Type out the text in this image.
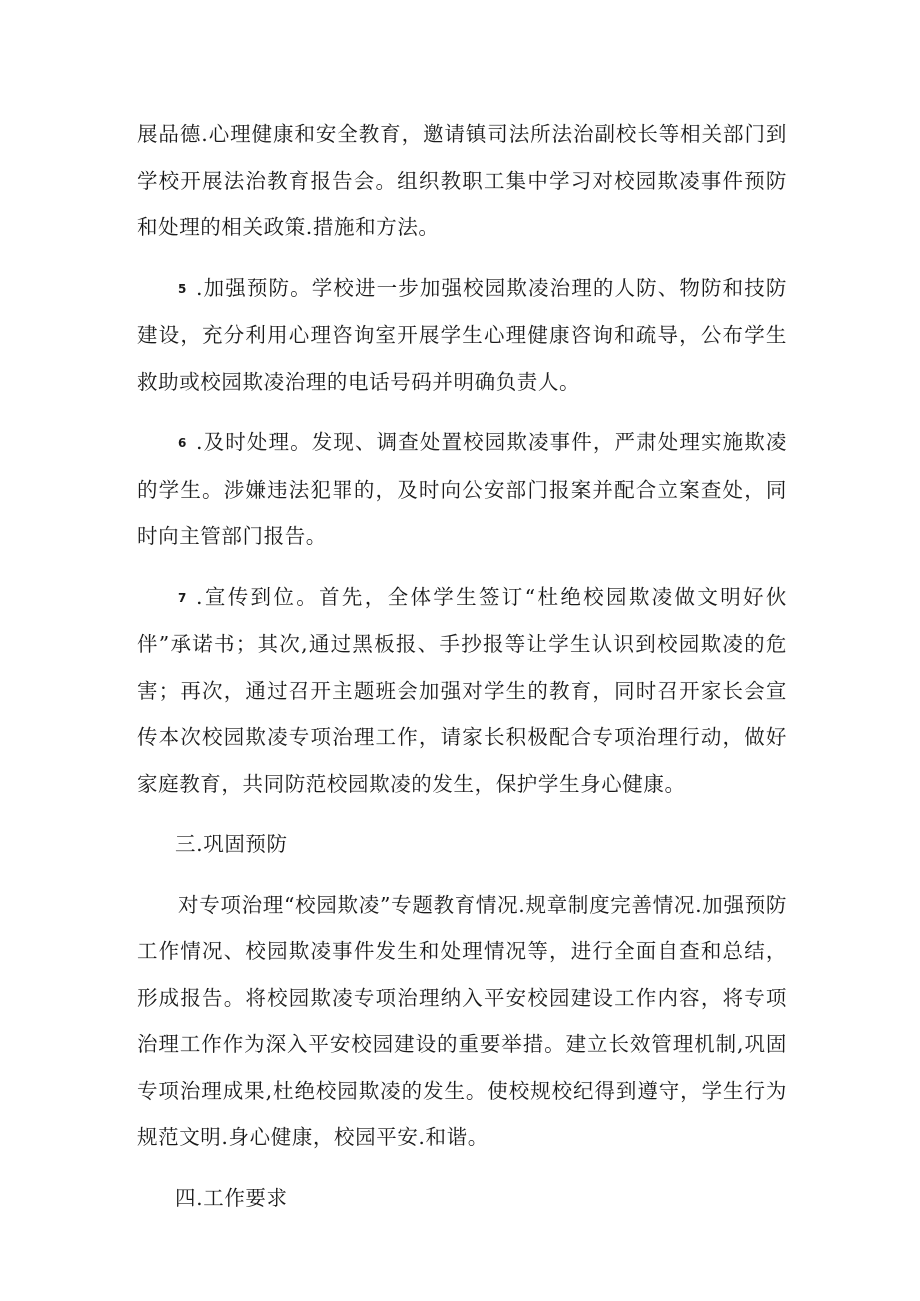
展品德.心理健康和安全教育，邀请镇司法所法治副校长等相关部门到学校开展法治教育报告会。组织教职工集中学习对校园欺凌事件预防和处理的相关政策.措施和方法。

5 .加强预防。学校进一步加强校园欺凌治理的人防、物防和技防建设，充分利用心理咨询室开展学生心理健康咨询和疏导，公布学生救助或校园欺凌治理的电话号码并明确负责人。

6 .及时处理。发现、调查处置校园欺凌事件，严肃处理实施欺凌的学生。涉嫌违法犯罪的，及时向公安部门报案并配合立案查处，同时向主管部门报告。

7 .宣传到位。首先，全体学生签订“杜绝校园欺凌做文明好伙伴”承诺书；其次,通过黑板报、手抄报等让学生认识到校园欺凌的危害；再次，通过召开主题班会加强对学生的教育，同时召开家长会宣传本次校园欺凌专项治理工作，请家长积极配合专项治理行动，做好家庭教育，共同防范校园欺凌的发生，保护学生身心健康。

三.巩固预防

对专项治理“校园欺凌”专题教育情况.规章制度完善情况.加强预防工作情况、校园欺凌事件发生和处理情况等，进行全面自查和总结，形成报告。将校园欺凌专项治理纳入平安校园建设工作内容，将专项治理工作作为深入平安校园建设的重要举措。建立长效管理机制,巩固专项治理成果,杜绝校园欺凌的发生。使校规校纪得到遵守，学生行为规范文明.身心健康，校园平安.和谐。

四.工作要求
